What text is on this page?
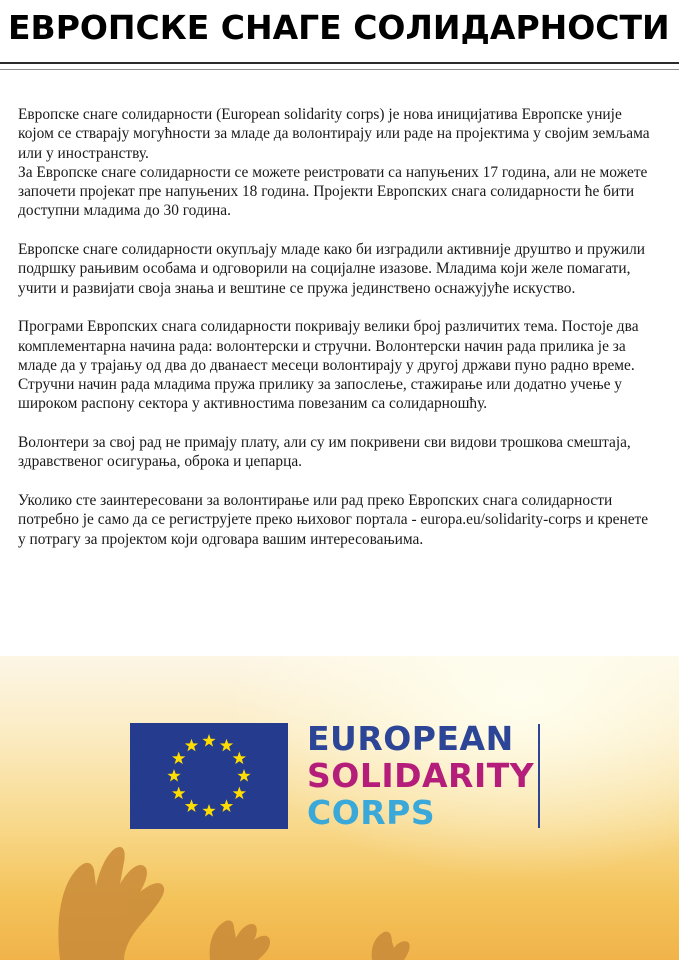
ЕВРОПСКЕ СНАГЕ СОЛИДАРНОСТИ

Европске снаге солидарности (European solidarity corps) је нова иницијатива Европске уније
којом се стварају могућности за младе да волонтирају или раде на пројектима у својим земљама
или у иностранству.
За Европске снаге солидарности се можете реистровати са напуњених 17 година, али не можете
започети пројекат пре напуњених 18 година. Пројекти Европских снага солидарности ће бити
доступни младима до 30 година.

Европске снаге солидарности окупљају младе како би изградили активније друштво и пружили
подршку рањивим особама и одговорили на социјалне изазове. Младима који желе помагати,
учити и развијати своја знања и вештине се пружа јединствено оснажујуће искуство.

Програми Европских снага солидарности покривају велики број различитих тема. Постоје два
комплементарна начина рада: волонтерски и стручни. Волонтерски начин рада прилика је за
младе да у трајању од два до дванаест месеци волонтирају у другој држави пуно радно време.
Стручни начин рада младима пружа прилику за запослење, стажирање или додатно учење у
широком распону сектора у активностима повезаним са солидарношћу.

Волонтери за свој рад не примају плату, али су им покривени сви видови трошкова смештаја,
здравственог осигурања, оброка и џепарца.

Уколико сте заинтересовани за волонтирање или рад преко Европских снага солидарности
потребно је само да се региструјете преко њиховог портала - europa.eu/solidarity-corps и кренете
у потрагу за пројектом који одговара вашим интересовањима.

EUROPEAN
SOLIDARITY
CORPS
